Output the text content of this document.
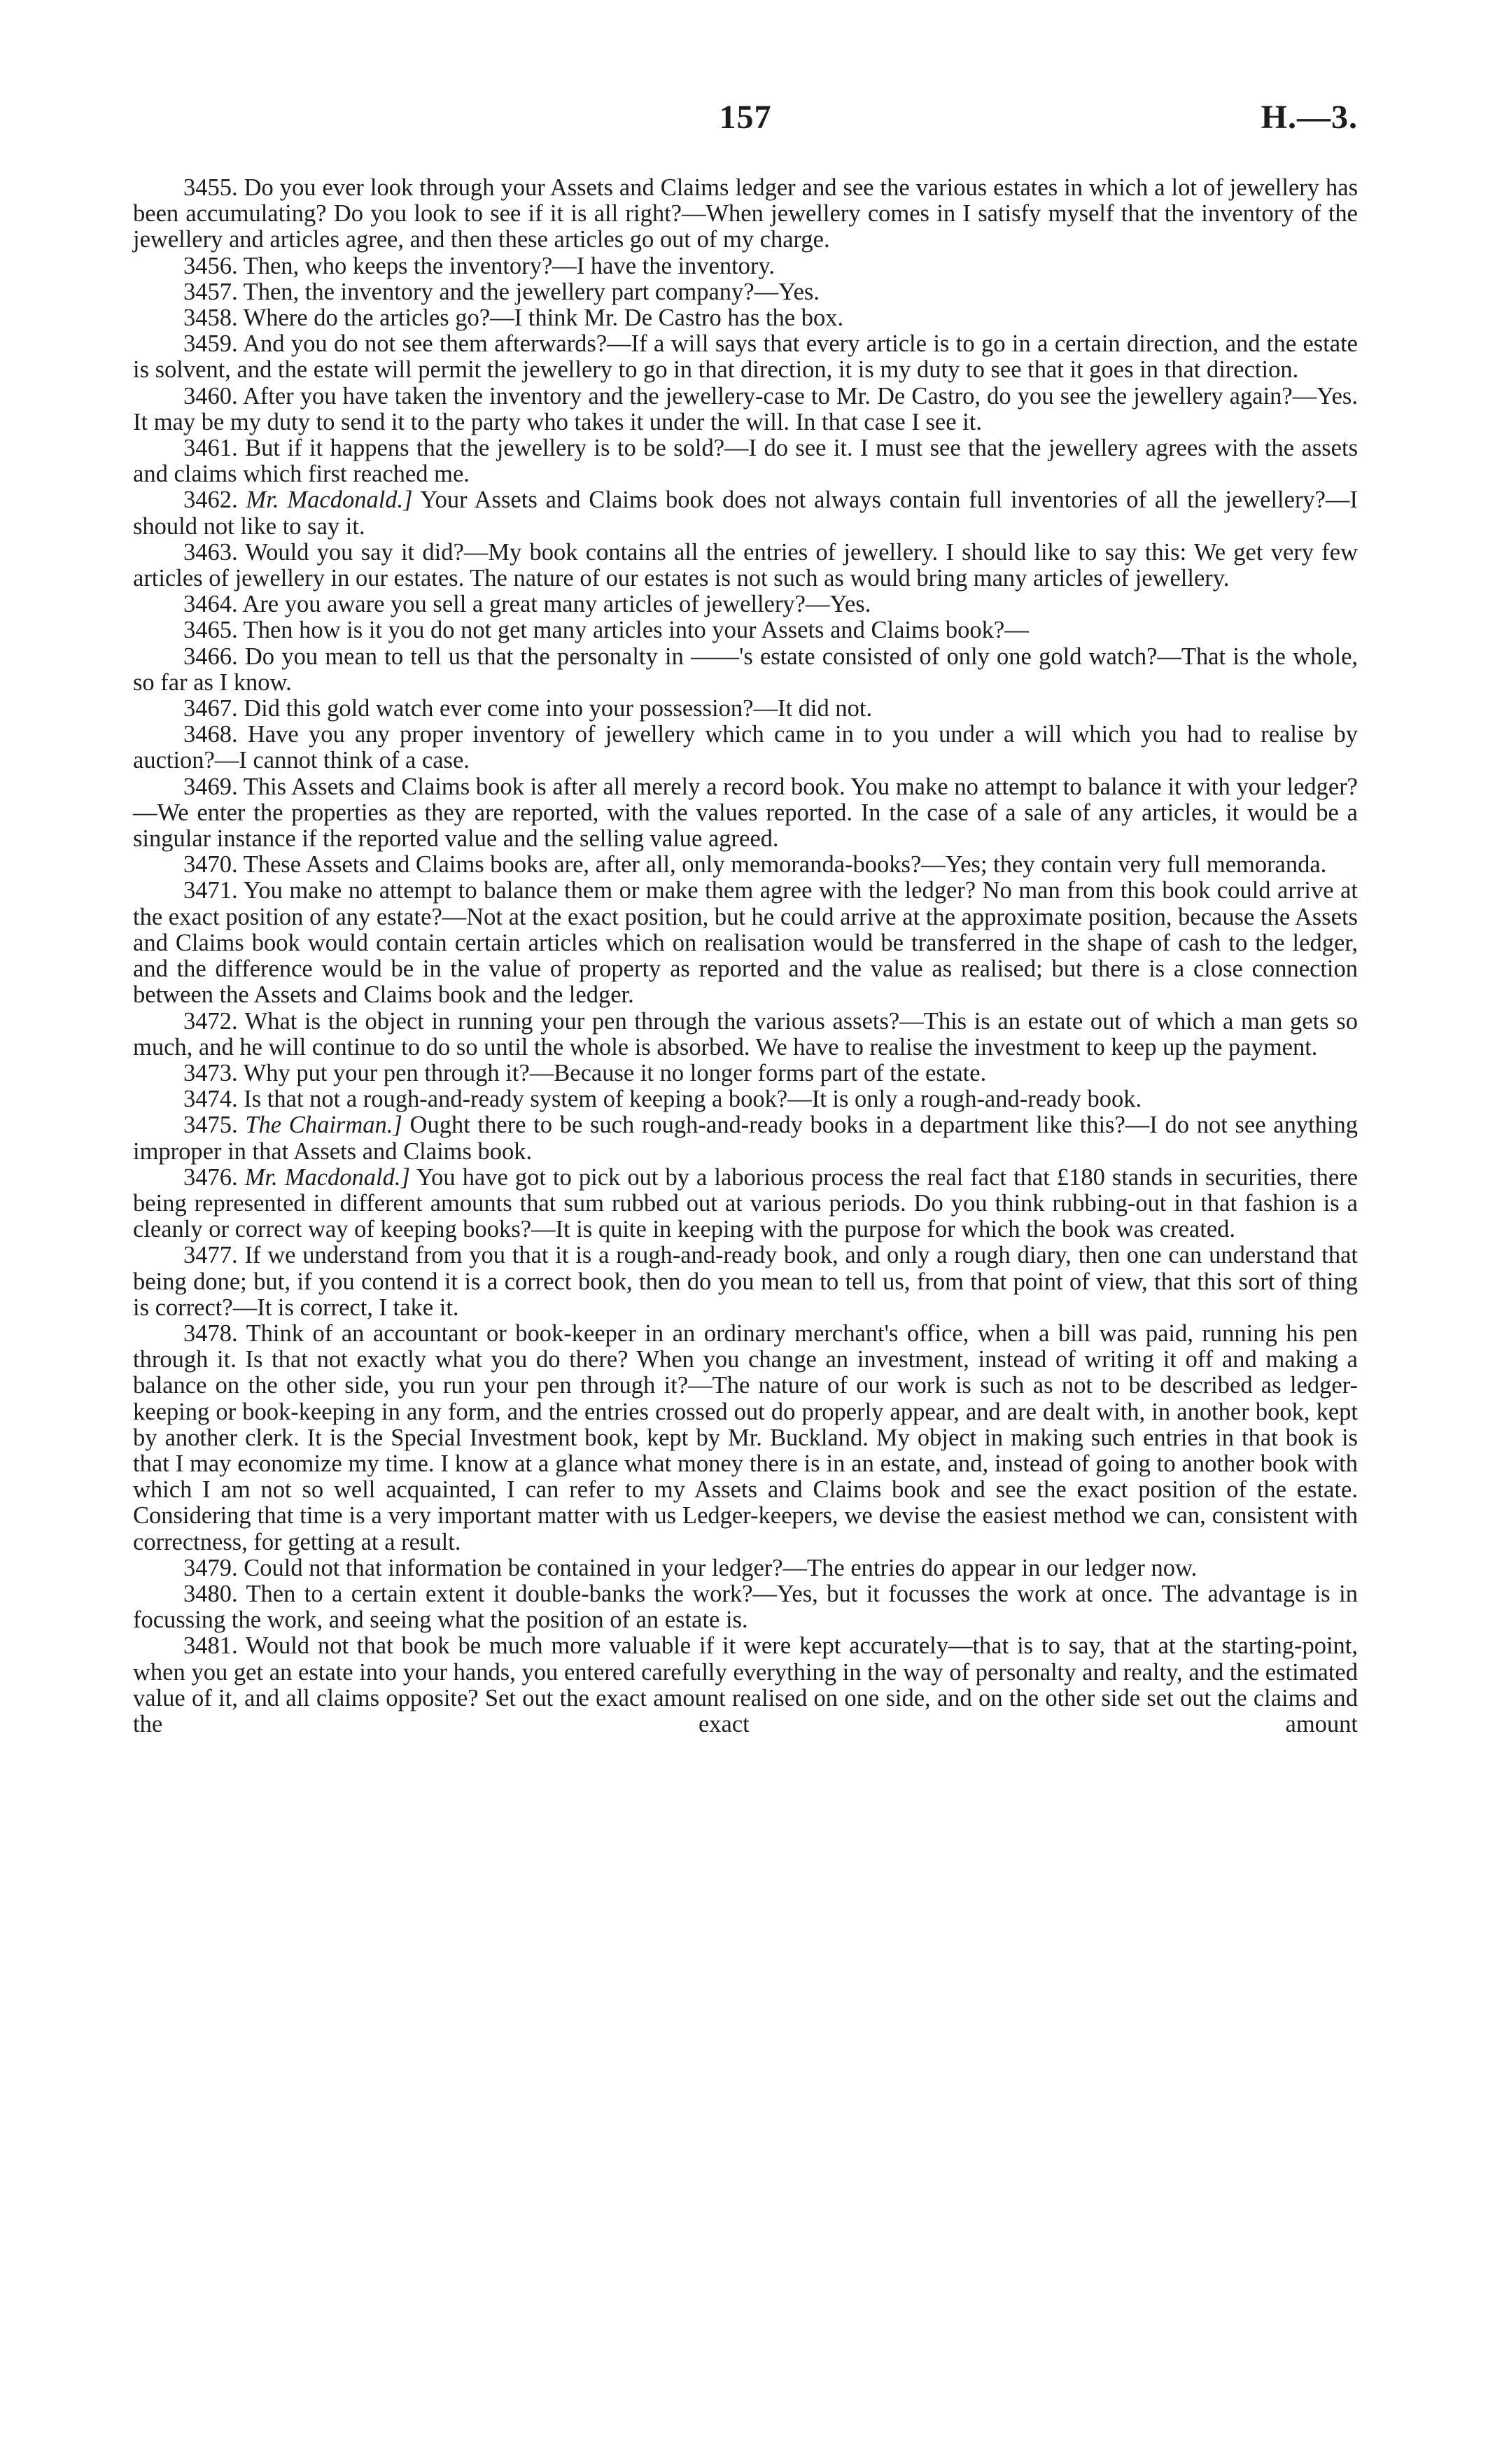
157	H.—3.

3455. Do you ever look through your Assets and Claims ledger and see the various estates in which a lot of jewellery has been accumulating? Do you look to see if it is all right?—When jewellery comes in I satisfy myself that the inventory of the jewellery and articles agree, and then these articles go out of my charge.

3456. Then, who keeps the inventory?—I have the inventory.

3457. Then, the inventory and the jewellery part company?—Yes.

3458. Where do the articles go?—I think Mr. De Castro has the box.

3459. And you do not see them afterwards?—If a will says that every article is to go in a certain direction, and the estate is solvent, and the estate will permit the jewellery to go in that direction, it is my duty to see that it goes in that direction.

3460. After you have taken the inventory and the jewellery-case to Mr. De Castro, do you see the jewellery again?—Yes. It may be my duty to send it to the party who takes it under the will. In that case I see it.

3461. But if it happens that the jewellery is to be sold?—I do see it. I must see that the jewellery agrees with the assets and claims which first reached me.

3462. Mr. Macdonald.] Your Assets and Claims book does not always contain full inventories of all the jewellery?—I should not like to say it.

3463. Would you say it did?—My book contains all the entries of jewellery. I should like to say this: We get very few articles of jewellery in our estates. The nature of our estates is not such as would bring many articles of jewellery.

3464. Are you aware you sell a great many articles of jewellery?—Yes.

3465. Then how is it you do not get many articles into your Assets and Claims book?—

3466. Do you mean to tell us that the personalty in ——'s estate consisted of only one gold watch?—That is the whole, so far as I know.

3467. Did this gold watch ever come into your possession?—It did not.

3468. Have you any proper inventory of jewellery which came in to you under a will which you had to realise by auction?—I cannot think of a case.

3469. This Assets and Claims book is after all merely a record book. You make no attempt to balance it with your ledger?—We enter the properties as they are reported, with the values reported. In the case of a sale of any articles, it would be a singular instance if the reported value and the selling value agreed.

3470. These Assets and Claims books are, after all, only memoranda-books?—Yes; they contain very full memoranda.

3471. You make no attempt to balance them or make them agree with the ledger? No man from this book could arrive at the exact position of any estate?—Not at the exact position, but he could arrive at the approximate position, because the Assets and Claims book would contain certain articles which on realisation would be transferred in the shape of cash to the ledger, and the difference would be in the value of property as reported and the value as realised; but there is a close connection between the Assets and Claims book and the ledger.

3472. What is the object in running your pen through the various assets?—This is an estate out of which a man gets so much, and he will continue to do so until the whole is absorbed. We have to realise the investment to keep up the payment.

3473. Why put your pen through it?—Because it no longer forms part of the estate.

3474. Is that not a rough-and-ready system of keeping a book?—It is only a rough-and-ready book.

3475. The Chairman.] Ought there to be such rough-and-ready books in a department like this?—I do not see anything improper in that Assets and Claims book.

3476. Mr. Macdonald.] You have got to pick out by a laborious process the real fact that £180 stands in securities, there being represented in different amounts that sum rubbed out at various periods. Do you think rubbing-out in that fashion is a cleanly or correct way of keeping books?—It is quite in keeping with the purpose for which the book was created.

3477. If we understand from you that it is a rough-and-ready book, and only a rough diary, then one can understand that being done; but, if you contend it is a correct book, then do you mean to tell us, from that point of view, that this sort of thing is correct?—It is correct, I take it.

3478. Think of an accountant or book-keeper in an ordinary merchant's office, when a bill was paid, running his pen through it. Is that not exactly what you do there? When you change an investment, instead of writing it off and making a balance on the other side, you run your pen through it?—The nature of our work is such as not to be described as ledger-keeping or book-keeping in any form, and the entries crossed out do properly appear, and are dealt with, in another book, kept by another clerk. It is the Special Investment book, kept by Mr. Buckland. My object in making such entries in that book is that I may economize my time. I know at a glance what money there is in an estate, and, instead of going to another book with which I am not so well acquainted, I can refer to my Assets and Claims book and see the exact position of the estate. Considering that time is a very important matter with us Ledger-keepers, we devise the easiest method we can, consistent with correctness, for getting at a result.

3479. Could not that information be contained in your ledger?—The entries do appear in our ledger now.

3480. Then to a certain extent it double-banks the work?—Yes, but it focusses the work at once. The advantage is in focussing the work, and seeing what the position of an estate is.

3481. Would not that book be much more valuable if it were kept accurately—that is to say, that at the starting-point, when you get an estate into your hands, you entered carefully everything in the way of personalty and realty, and the estimated value of it, and all claims opposite? Set out the exact amount realised on one side, and on the other side set out the claims and the exact amount
